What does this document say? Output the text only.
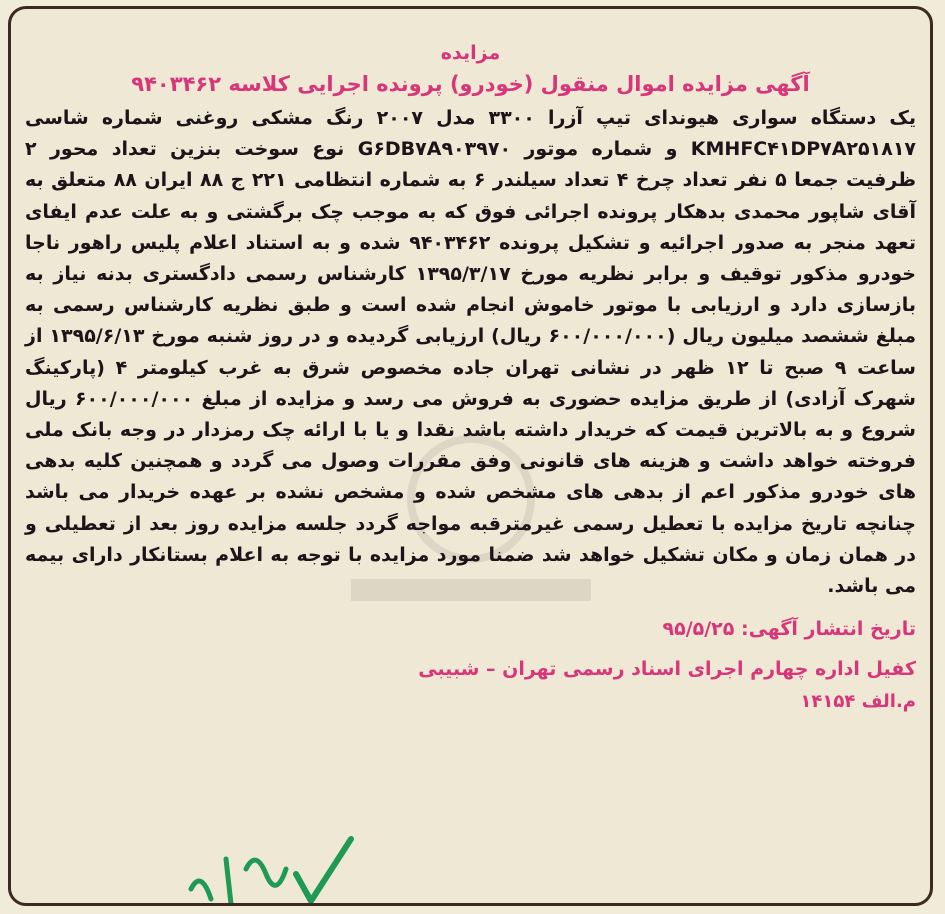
مزایده

آگهی مزایده اموال منقول (خودرو) پرونده اجرایی کلاسه ۹۴۰۳۴۶۲

یک دستگاه سواری هیوندای تیپ آزرا ۳۳۰۰ مدل ۲۰۰۷ رنگ مشکی روغنی شماره شاسی KMHFC۴۱DP۷A۲۵۱۸۱۷ و شماره موتور G۶DB۷A۹۰۳۹۷۰ نوع سوخت بنزین تعداد محور ۲ ظرفیت جمعا ۵ نفر تعداد چرخ ۴ تعداد سیلندر ۶ به شماره انتظامی ۲۲۱ ج ۸۸ ایران ۸۸ متعلق به آقای شاپور محمدی بدهکار پرونده اجرائی فوق که به موجب چک برگشتی و به علت عدم ایفای تعهد منجر به صدور اجرائیه و تشکیل پرونده ۹۴۰۳۴۶۲ شده و به استناد اعلام پلیس راهور ناجا خودرو مذکور توقیف و برابر نظریه مورخ ۱۳۹۵/۳/۱۷ کارشناس رسمی دادگستری بدنه نیاز به بازسازی دارد و ارزیابی با موتور خاموش انجام شده است و طبق نظریه کارشناس رسمی به مبلغ ششصد میلیون ریال (۶۰۰/۰۰۰/۰۰۰ ریال) ارزیابی گردیده و در روز شنبه مورخ ۱۳۹۵/۶/۱۳ از ساعت ۹ صبح تا ۱۲ ظهر در نشانی تهران جاده مخصوص شرق به غرب کیلومتر ۴ (پارکینگ شهرک آزادی) از طریق مزایده حضوری به فروش می رسد و مزایده از مبلغ ۶۰۰/۰۰۰/۰۰۰ ریال شروع و به بالاترین قیمت که خریدار داشته باشد نقدا و یا با ارائه چک رمزدار در وجه بانک ملی فروخته خواهد داشت و هزینه های قانونی وفق مقررات وصول می گردد و همچنین کلیه بدهی های خودرو مذکور اعم از بدهی های مشخص شده و مشخص نشده بر عهده خریدار می باشد چنانچه تاریخ مزایده با تعطیل رسمی غیرمترقبه مواجه گردد جلسه مزایده روز بعد از تعطیلی و در همان زمان و مکان تشکیل خواهد شد ضمنا مورد مزایده با توجه به اعلام بستانکار دارای بیمه می باشد.

تاریخ انتشار آگهی: ۹۵/۵/۲۵

کفیل اداره چهارم اجرای اسناد رسمی تهران – شبیبی

م.الف ۱۴۱۵۴
